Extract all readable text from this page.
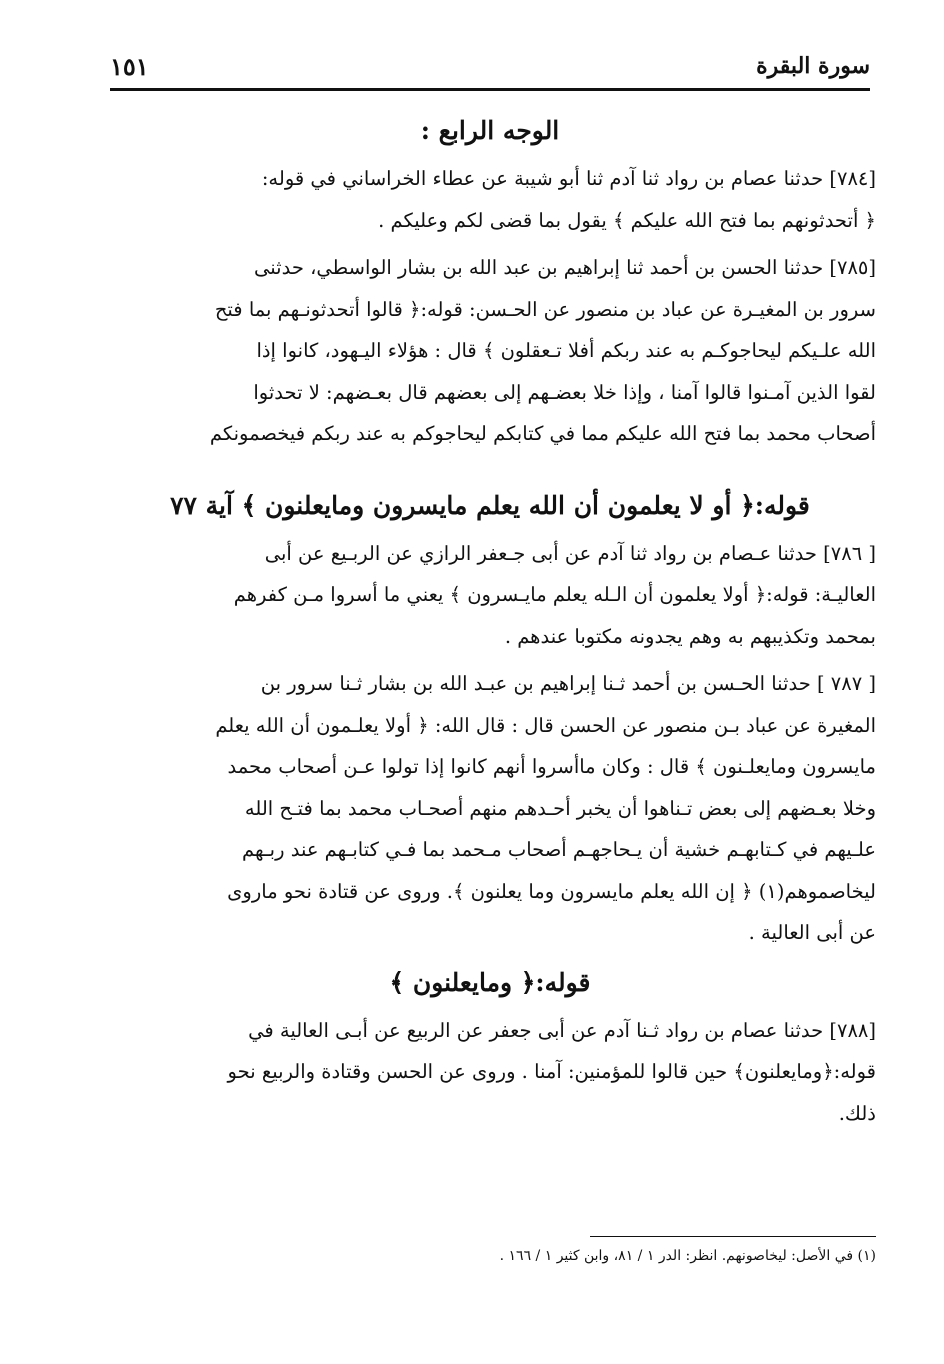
سورة البقرة
١٥١
الوجه الرابع :

[٧٨٤] حدثنا عصام بن رواد ثنا آدم ثنا أبو شيبة عن عطاء الخراساني في قوله:
﴿ أتحدثونهم بما فتح الله عليكم ﴾ يقول بما قضى لكم وعليكم .

[٧٨٥] حدثنا الحسن بن أحمد ثنا إبراهيم بن عبد الله بن بشار الواسطي، حدثنى
سرور بن المغيـرة عن عباد بن منصور عن الحـسن: قوله:﴿ قالوا أتحدثونـهم بما فتح
الله علـيكم ليحاجوكـم به عند ربكم أفلا تـعقلون ﴾ قال : هؤلاء اليـهود، كانوا إذا
لقوا الذين آمـنوا قالوا آمنا ، وإذا خلا بعضـهم إلى بعضهم قال بعـضهم: لا تحدثوا
أصحاب محمد بما فتح الله عليكم مما في كتابكم ليحاجوكم به عند ربكم فيخصمونكم

قوله:﴿ أو لا يعلمون أن الله يعلم مايسرون ومايعلنون ﴾ آية ٧٧

[ ٧٨٦] حدثنا عـصام بن رواد ثنا آدم عن أبى جـعفر الرازي عن الربـيع عن أبى
العاليـة: قوله:﴿ أولا يعلمون أن الـله يعلم مايـسرون ﴾ يعني ما أسروا مـن كفرهم
بمحمد وتكذيبهم به وهم يجدونه مكتوبا عندهم .

[ ٧٨٧ ] حدثنا الحـسن بن أحمد ثـنا إبراهيم بن عبـد الله بن بشار ثـنا سرور بن
المغيرة عن عباد بـن منصور عن الحسن قال : قال الله: ﴿ أولا يعلـمون أن الله يعلم
مايسرون ومايعلـنون ﴾ قال : وكان ماأسروا أنهم كانوا إذا تولوا عـن أصحاب محمد
وخلا بعـضهم إلى بعض تـناهوا أن يخبر أحـدهم منهم أصحـاب محمد بما فتـح الله
علـيهم في كـتابهـم خشية أن يـحاجهـم أصحاب مـحمد بما فـي كتابـهم عند ربـهم
ليخاصموهم(١) ﴿ إن الله يعلم مايسرون وما يعلنون ﴾. وروى عن قتادة نحو ماروى
عن أبى العالية .

قوله:﴿ ومايعلنون ﴾

[٧٨٨] حدثنا عصام بن رواد ثـنا آدم عن أبى جعفر عن الربيع عن أبـى العالية في
قوله:﴿ومايعلنون﴾ حين قالوا للمؤمنين: آمنا . وروى عن الحسن وقتادة والربيع نحو
ذلك.

(١) في الأصل: ليخاصونهم. انظر: الدر ١ / ٨١، وابن كثير ١ / ١٦٦ .
